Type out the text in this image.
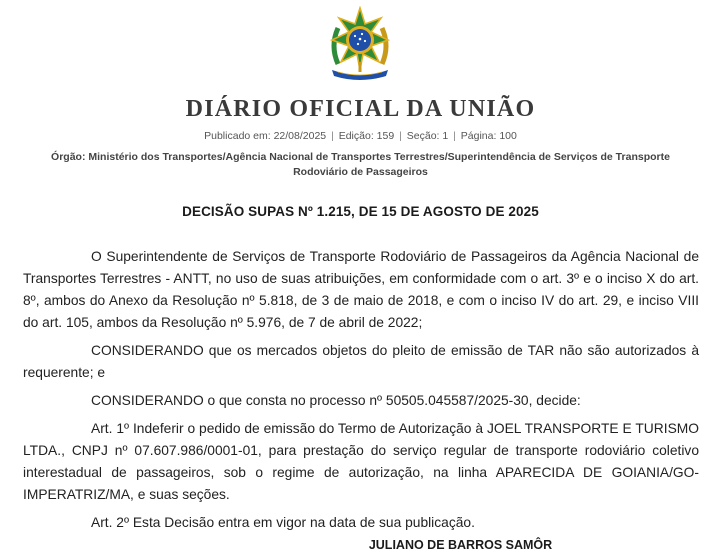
DIÁRIO OFICIAL DA UNIÃO
Publicado em: 22/08/2025 | Edição: 159 | Seção: 1 | Página: 100
Órgão: Ministério dos Transportes/Agência Nacional de Transportes Terrestres/Superintendência de Serviços de Transporte
Rodoviário de Passageiros
DECISÃO SUPAS Nº 1.215, DE 15 DE AGOSTO DE 2025

O Superintendente de Serviços de Transporte Rodoviário de Passageiros da Agência Nacional de Transportes Terrestres - ANTT, no uso de suas atribuições, em conformidade com o art. 3º e o inciso X do art. 8º, ambos do Anexo da Resolução nº 5.818, de 3 de maio de 2018, e com o inciso IV do art. 29, e inciso VIII do art. 105, ambos da Resolução nº 5.976, de 7 de abril de 2022;

CONSIDERANDO que os mercados objetos do pleito de emissão de TAR não são autorizados à requerente; e

CONSIDERANDO o que consta no processo nº 50505.045587/2025-30, decide:

Art. 1º Indeferir o pedido de emissão do Termo de Autorização à JOEL TRANSPORTE E TURISMO LTDA., CNPJ nº 07.607.986/0001-01, para prestação do serviço regular de transporte rodoviário coletivo interestadual de passageiros, sob o regime de autorização, na linha APARECIDA DE GOIANIA/GO-IMPERATRIZ/MA, e suas seções.

Art. 2º Esta Decisão entra em vigor na data de sua publicação.

JULIANO DE BARROS SAMÔR
